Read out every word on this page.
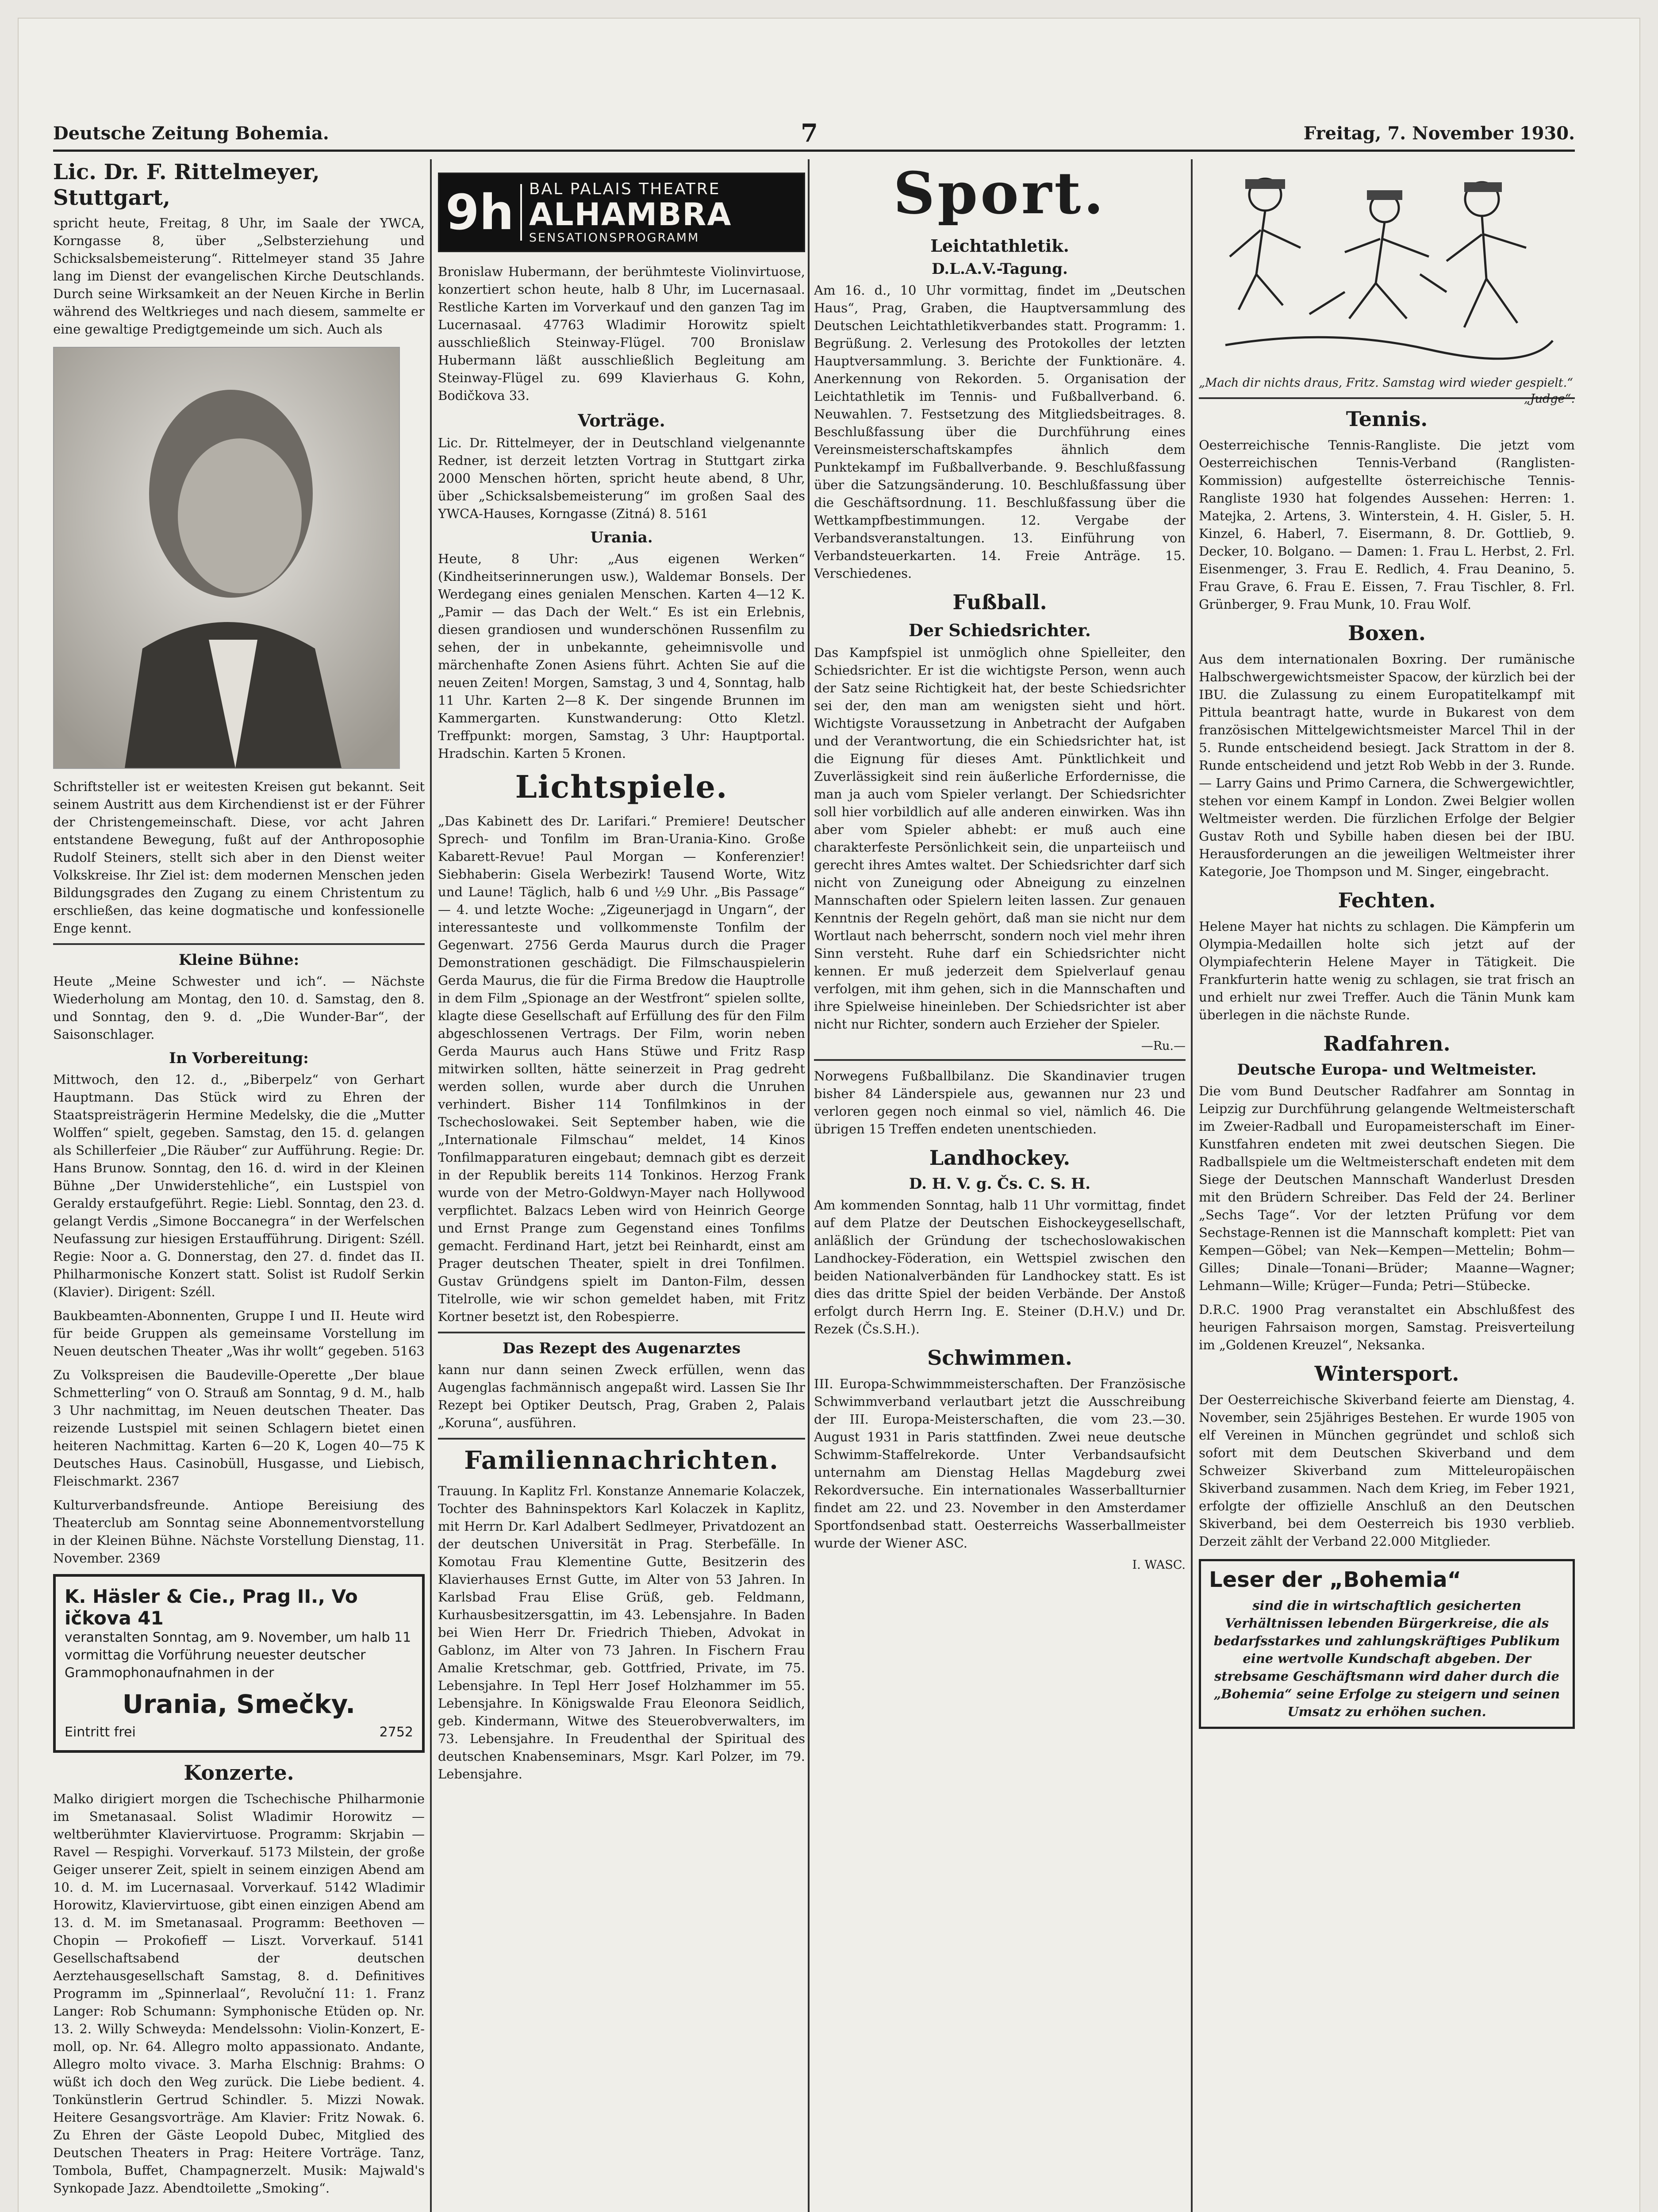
Deutsche Zeitung Bohemia.	7	Freitag, 7. November 1930.
Lic. Dr. F. Rittelmeyer, Stuttgart,

spricht heute, Freitag, 8 Uhr, im Saale der YWCA, Korngasse 8, über „Selbsterziehung und Schicksalsbemeisterung“. Rittelmeyer stand 35 Jahre lang im Dienst der evangelischen Kirche Deutschlands. Durch seine Wirksamkeit an der Neuen Kirche in Berlin während des Weltkrieges und nach diesem, sammelte er eine gewaltige Predigtgemeinde um sich. Auch als

Schriftsteller ist er weitesten Kreisen gut bekannt. Seit seinem Austritt aus dem Kirchendienst ist er der Führer der Christengemeinschaft. Diese, vor acht Jahren entstandene Bewegung, fußt auf der Anthroposophie Rudolf Steiners, stellt sich aber in den Dienst weiter Volkskreise. Ihr Ziel ist: dem modernen Menschen jeden Bildungsgrades den Zugang zu einem Christentum zu erschließen, das keine dogmatische und konfessionelle Enge kennt.

Kleine Bühne:

Heute „Meine Schwester und ich“. — Nächste Wiederholung am Montag, den 10. d. Samstag, den 8. und Sonntag, den 9. d. „Die Wunder-Bar“, der Saisonschlager.

In Vorbereitung:

Mittwoch, den 12. d., „Biberpelz“ von Gerhart Hauptmann. Das Stück wird zu Ehren der Staatspreisträgerin Hermine Medelsky, die die „Mutter Wolffen“ spielt, gegeben. Samstag, den 15. d. gelangen als Schillerfeier „Die Räuber“ zur Aufführung. Regie: Dr. Hans Brunow. Sonntag, den 16. d. wird in der Kleinen Bühne „Der Unwiderstehliche“, ein Lustspiel von Geraldy erstaufgeführt. Regie: Liebl. Sonntag, den 23. d. gelangt Verdis „Simone Boccanegra“ in der Werfelschen Neufassung zur hiesigen Erstaufführung. Dirigent: Széll. Regie: Noor a. G. Donnerstag, den 27. d. findet das II. Philharmonische Konzert statt. Solist ist Rudolf Serkin (Klavier). Dirigent: Széll.

Baukbeamten-Abonnenten, Gruppe I und II. Heute wird für beide Gruppen als gemeinsame Vorstellung im Neuen deutschen Theater „Was ihr wollt“ gegeben. 5163

Zu Volkspreisen die Baudeville-Operette „Der blaue Schmetterling“ von O. Strauß am Sonntag, 9 d. M., halb 3 Uhr nachmittag, im Neuen deutschen Theater. Das reizende Lustspiel mit seinen Schlagern bietet einen heiteren Nachmittag. Karten 6—20 K, Logen 40—75 K Deutsches Haus. Casinobüll, Husgasse, und Liebisch, Fleischmarkt. 2367

Kulturverbandsfreunde. Antiope Bereisiung des Theaterclub am Sonntag seine Abonnementvorstellung in der Kleinen Bühne. Nächste Vorstellung Dienstag, 11. November. 2369

K. Häsler & Cie., Prag II., Vo ičkova 41
veranstalten Sonntag, am 9. November, um halb 11 vormittag die Vorführung neuester deutscher Grammophonaufnahmen in der
Urania, Smečky.
Eintritt frei	2752
Konzerte.

Malko dirigiert morgen die Tschechische Philharmonie im Smetanasaal. Solist Wladimir Horowitz — weltberühmter Klaviervirtuose. Programm: Skrjabin — Ravel — Respighi. Vorverkauf. 5173 Milstein, der große Geiger unserer Zeit, spielt in seinem einzigen Abend am 10. d. M. im Lucernasaal. Vorverkauf. 5142 Wladimir Horowitz, Klaviervirtuose, gibt einen einzigen Abend am 13. d. M. im Smetanasaal. Programm: Beethoven — Chopin — Prokofieff — Liszt. Vorverkauf. 5141 Gesellschaftsabend der deutschen Aerztehausgesellschaft Samstag, 8. d. Definitives Programm im „Spinnerlaal“, Revoluční 11: 1. Franz Langer: Rob Schumann: Symphonische Etüden op. Nr. 13. 2. Willy Schweyda: Mendelssohn: Violin-Konzert, E-moll, op. Nr. 64. Allegro molto appassionato. Andante, Allegro molto vivace. 3. Marha Elschnig: Brahms: O wüßt ich doch den Weg zurück. Die Liebe bedient. 4. Tonkünstlerin Gertrud Schindler. 5. Mizzi Nowak. Heitere Gesangsvorträge. Am Klavier: Fritz Nowak. 6. Zu Ehren der Gäste Leopold Dubec, Mitglied des Deutschen Theaters in Prag: Heitere Vorträge. Tanz, Tombola, Buffet, Champagnerzelt. Musik: Majwald's Synkopade Jazz. Abendtoilette „Smoking“.

9h BAL PALAIS THEATRE
ALHAMBRA
SENSATIONSPROGRAMM

Bronislaw Hubermann, der berühmteste Violinvirtuose, konzertiert schon heute, halb 8 Uhr, im Lucernasaal. Restliche Karten im Vorverkauf und den ganzen Tag im Lucernasaal. 47763 Wladimir Horowitz spielt ausschließlich Steinway-Flügel. 700 Bronislaw Hubermann läßt ausschließlich Begleitung am Steinway-Flügel zu. 699 Klavierhaus G. Kohn, Bodičkova 33.

Vorträge.

Lic. Dr. Rittelmeyer, der in Deutschland vielgenannte Redner, ist derzeit letzten Vortrag in Stuttgart zirka 2000 Menschen hörten, spricht heute abend, 8 Uhr, über „Schicksalsbemeisterung“ im großen Saal des YWCA-Hauses, Korngasse (Zitná) 8. 5161

Urania.

Heute, 8 Uhr: „Aus eigenen Werken“ (Kindheitserinnerungen usw.), Waldemar Bonsels. Der Werdegang eines genialen Menschen. Karten 4—12 K. „Pamir — das Dach der Welt.“ Es ist ein Erlebnis, diesen grandiosen und wunderschönen Russenfilm zu sehen, der in unbekannte, geheimnisvolle und märchenhafte Zonen Asiens führt. Achten Sie auf die neuen Zeiten! Morgen, Samstag, 3 und 4, Sonntag, halb 11 Uhr. Karten 2—8 K. Der singende Brunnen im Kammergarten. Kunstwanderung: Otto Kletzl. Treffpunkt: morgen, Samstag, 3 Uhr: Hauptportal. Hradschin. Karten 5 Kronen.

Lichtspiele.

„Das Kabinett des Dr. Larifari.“ Premiere! Deutscher Sprech- und Tonfilm im Bran-Urania-Kino. Große Kabarett-Revue! Paul Morgan — Konferenzier! Siebhaberin: Gisela Werbezirk! Tausend Worte, Witz und Laune! Täglich, halb 6 und ½9 Uhr. „Bis Passage“ — 4. und letzte Woche: „Zigeunerjagd in Ungarn“, der interessanteste und vollkommenste Tonfilm der Gegenwart. 2756 Gerda Maurus durch die Prager Demonstrationen geschädigt. Die Filmschauspielerin Gerda Maurus, die für die Firma Bredow die Hauptrolle in dem Film „Spionage an der Westfront“ spielen sollte, klagte diese Gesellschaft auf Erfüllung des für den Film abgeschlossenen Vertrags. Der Film, worin neben Gerda Maurus auch Hans Stüwe und Fritz Rasp mitwirken sollten, hätte seinerzeit in Prag gedreht werden sollen, wurde aber durch die Unruhen verhindert. Bisher 114 Tonfilmkinos in der Tschechoslowakei. Seit September haben, wie die „Internationale Filmschau“ meldet, 14 Kinos Tonfilmapparaturen eingebaut; demnach gibt es derzeit in der Republik bereits 114 Tonkinos. Herzog Frank wurde von der Metro-Goldwyn-Mayer nach Hollywood verpflichtet. Balzacs Leben wird von Heinrich George und Ernst Prange zum Gegenstand eines Tonfilms gemacht. Ferdinand Hart, jetzt bei Reinhardt, einst am Prager deutschen Theater, spielt in drei Tonfilmen. Gustav Gründgens spielt im Danton-Film, dessen Titelrolle, wie wir schon gemeldet haben, mit Fritz Kortner besetzt ist, den Robespierre.

Das Rezept des Augenarztes

kann nur dann seinen Zweck erfüllen, wenn das Augenglas fachmännisch angepaßt wird. Lassen Sie Ihr Rezept bei Optiker Deutsch, Prag, Graben 2, Palais „Koruna“, ausführen.

Familiennachrichten.

Trauung. In Kaplitz Frl. Konstanze Annemarie Kolaczek, Tochter des Bahninspektors Karl Kolaczek in Kaplitz, mit Herrn Dr. Karl Adalbert Sedlmeyer, Privatdozent an der deutschen Universität in Prag. Sterbefälle. In Komotau Frau Klementine Gutte, Besitzerin des Klavierhauses Ernst Gutte, im Alter von 53 Jahren. In Karlsbad Frau Elise Grüß, geb. Feldmann, Kurhausbesitzersgattin, im 43. Lebensjahre. In Baden bei Wien Herr Dr. Friedrich Thieben, Advokat in Gablonz, im Alter von 73 Jahren. In Fischern Frau Amalie Kretschmar, geb. Gottfried, Private, im 75. Lebensjahre. In Tepl Herr Josef Holzhammer im 55. Lebensjahre. In Königswalde Frau Eleonora Seidlich, geb. Kindermann, Witwe des Steuerobverwalters, im 73. Lebensjahre. In Freudenthal der Spiritual des deutschen Knabenseminars, Msgr. Karl Polzer, im 79. Lebensjahre.

Sport.
Leichtathletik.
D.L.A.V.-Tagung.

Am 16. d., 10 Uhr vormittag, findet im „Deutschen Haus“, Prag, Graben, die Hauptversammlung des Deutschen Leichtathletikverbandes statt. Programm: 1. Begrüßung. 2. Verlesung des Protokolles der letzten Hauptversammlung. 3. Berichte der Funktionäre. 4. Anerkennung von Rekorden. 5. Organisation der Leichtathletik im Tennis- und Fußballverband. 6. Neuwahlen. 7. Festsetzung des Mitgliedsbeitrages. 8. Beschlußfassung über die Durchführung eines Vereinsmeisterschaftskampfes ähnlich dem Punktekampf im Fußballverbande. 9. Beschlußfassung über die Satzungsänderung. 10. Beschlußfassung über die Geschäftsordnung. 11. Beschlußfassung über die Wettkampfbestimmungen. 12. Vergabe der Verbandsveranstaltungen. 13. Einführung von Verbandsteuerkarten. 14. Freie Anträge. 15. Verschiedenes.

Fußball.
Der Schiedsrichter.

Das Kampfspiel ist unmöglich ohne Spielleiter, den Schiedsrichter. Er ist die wichtigste Person, wenn auch der Satz seine Richtigkeit hat, der beste Schiedsrichter sei der, den man am wenigsten sieht und hört. Wichtigste Voraussetzung in Anbetracht der Aufgaben und der Verantwortung, die ein Schiedsrichter hat, ist die Eignung für dieses Amt. Pünktlichkeit und Zuverlässigkeit sind rein äußerliche Erfordernisse, die man ja auch vom Spieler verlangt. Der Schiedsrichter soll hier vorbildlich auf alle anderen einwirken. Was ihn aber vom Spieler abhebt: er muß auch eine charakterfeste Persönlichkeit sein, die unparteiisch und gerecht ihres Amtes waltet. Der Schiedsrichter darf sich nicht von Zuneigung oder Abneigung zu einzelnen Mannschaften oder Spielern leiten lassen. Zur genauen Kenntnis der Regeln gehört, daß man sie nicht nur dem Wortlaut nach beherrscht, sondern noch viel mehr ihren Sinn versteht. Ruhe darf ein Schiedsrichter nicht kennen. Er muß jederzeit dem Spielverlauf genau verfolgen, mit ihm gehen, sich in die Mannschaften und ihre Spielweise hineinleben. Der Schiedsrichter ist aber nicht nur Richter, sondern auch Erzieher der Spieler.

—Ru.—

Norwegens Fußballbilanz. Die Skandinavier trugen bisher 84 Länderspiele aus, gewannen nur 23 und verloren gegen noch einmal so viel, nämlich 46. Die übrigen 15 Treffen endeten unentschieden.

Landhockey.
D. H. V. g. Čs. C. S. H.

Am kommenden Sonntag, halb 11 Uhr vormittag, findet auf dem Platze der Deutschen Eishockeygesellschaft, anläßlich der Gründung der tschechoslowakischen Landhockey-Föderation, ein Wettspiel zwischen den beiden Nationalverbänden für Landhockey statt. Es ist dies das dritte Spiel der beiden Verbände. Der Anstoß erfolgt durch Herrn Ing. E. Steiner (D.H.V.) und Dr. Rezek (Čs.S.H.).

Schwimmen.

III. Europa-Schwimmmeisterschaften. Der Französische Schwimmverband verlautbart jetzt die Ausschreibung der III. Europa-Meisterschaften, die vom 23.—30. August 1931 in Paris stattfinden. Zwei neue deutsche Schwimm-Staffelrekorde. Unter Verbandsaufsicht unternahm am Dienstag Hellas Magdeburg zwei Rekordversuche. Ein internationales Wasserballturnier findet am 22. und 23. November in den Amsterdamer Sportfondsenbad statt. Oesterreichs Wasserballmeister wurde der Wiener ASC.

I. WASC.
„Mach dir nichts draus, Fritz. Samstag wird wieder gespielt.“
„Judge“.
Tennis.

Oesterreichische Tennis-Rangliste. Die jetzt vom Oesterreichischen Tennis-Verband (Ranglisten-Kommission) aufgestellte österreichische Tennis-Rangliste 1930 hat folgendes Aussehen: Herren: 1. Matejka, 2. Artens, 3. Winterstein, 4. H. Gisler, 5. H. Kinzel, 6. Haberl, 7. Eisermann, 8. Dr. Gottlieb, 9. Decker, 10. Bolgano. — Damen: 1. Frau L. Herbst, 2. Frl. Eisenmenger, 3. Frau E. Redlich, 4. Frau Deanino, 5. Frau Grave, 6. Frau E. Eissen, 7. Frau Tischler, 8. Frl. Grünberger, 9. Frau Munk, 10. Frau Wolf.

Boxen.

Aus dem internationalen Boxring. Der rumänische Halbschwergewichtsmeister Spacow, der kürzlich bei der IBU. die Zulassung zu einem Europatitelkampf mit Pittula beantragt hatte, wurde in Bukarest von dem französischen Mittelgewichtsmeister Marcel Thil in der 5. Runde entscheidend besiegt. Jack Strattom in der 8. Runde entscheidend und jetzt Rob Webb in der 3. Runde. — Larry Gains und Primo Carnera, die Schwergewichtler, stehen vor einem Kampf in London. Zwei Belgier wollen Weltmeister werden. Die fürzlichen Erfolge der Belgier Gustav Roth und Sybille haben diesen bei der IBU. Herausforderungen an die jeweiligen Weltmeister ihrer Kategorie, Joe Thompson und M. Singer, eingebracht.

Fechten.

Helene Mayer hat nichts zu schlagen. Die Kämpferin um Olympia-Medaillen holte sich jetzt auf der Olympiafechterin Helene Mayer in Tätigkeit. Die Frankfurterin hatte wenig zu schlagen, sie trat frisch an und erhielt nur zwei Treffer. Auch die Tänin Munk kam überlegen in die nächste Runde.

Radfahren.
Deutsche Europa- und Weltmeister.

Die vom Bund Deutscher Radfahrer am Sonntag in Leipzig zur Durchführung gelangende Weltmeisterschaft im Zweier-Radball und Europameisterschaft im Einer-Kunstfahren endeten mit zwei deutschen Siegen. Die Radballspiele um die Weltmeisterschaft endeten mit dem Siege der Deutschen Mannschaft Wanderlust Dresden mit den Brüdern Schreiber. Das Feld der 24. Berliner „Sechs Tage“. Vor der letzten Prüfung vor dem Sechstage-Rennen ist die Mannschaft komplett: Piet van Kempen—Göbel; van Nek—Kempen—Mettelin; Bohm—Gilles; Dinale—Tonani—Brüder; Maanne—Wagner; Lehmann—Wille; Krüger—Funda; Petri—Stübecke.

D.R.C. 1900 Prag veranstaltet ein Abschlußfest des heurigen Fahrsaison morgen, Samstag. Preisverteilung im „Goldenen Kreuzel“, Neksanka.

Wintersport.

Der Oesterreichische Skiverband feierte am Dienstag, 4. November, sein 25jähriges Bestehen. Er wurde 1905 von elf Vereinen in München gegründet und schloß sich sofort mit dem Deutschen Skiverband und dem Schweizer Skiverband zum Mitteleuropäischen Skiverband zusammen. Nach dem Krieg, im Feber 1921, erfolgte der offizielle Anschluß an den Deutschen Skiverband, bei dem Oesterreich bis 1930 verblieb. Derzeit zählt der Verband 22.000 Mitglieder.

Leser der „Bohemia“

sind die in wirtschaftlich gesicherten Verhältnissen lebenden Bürgerkreise, die als bedarfsstarkes und zahlungskräftiges Publikum eine wertvolle Kundschaft abgeben. Der strebsame Geschäftsmann wird daher durch die „Bohemia“ seine Erfolge zu steigern und seinen Umsatz zu erhöhen suchen.
